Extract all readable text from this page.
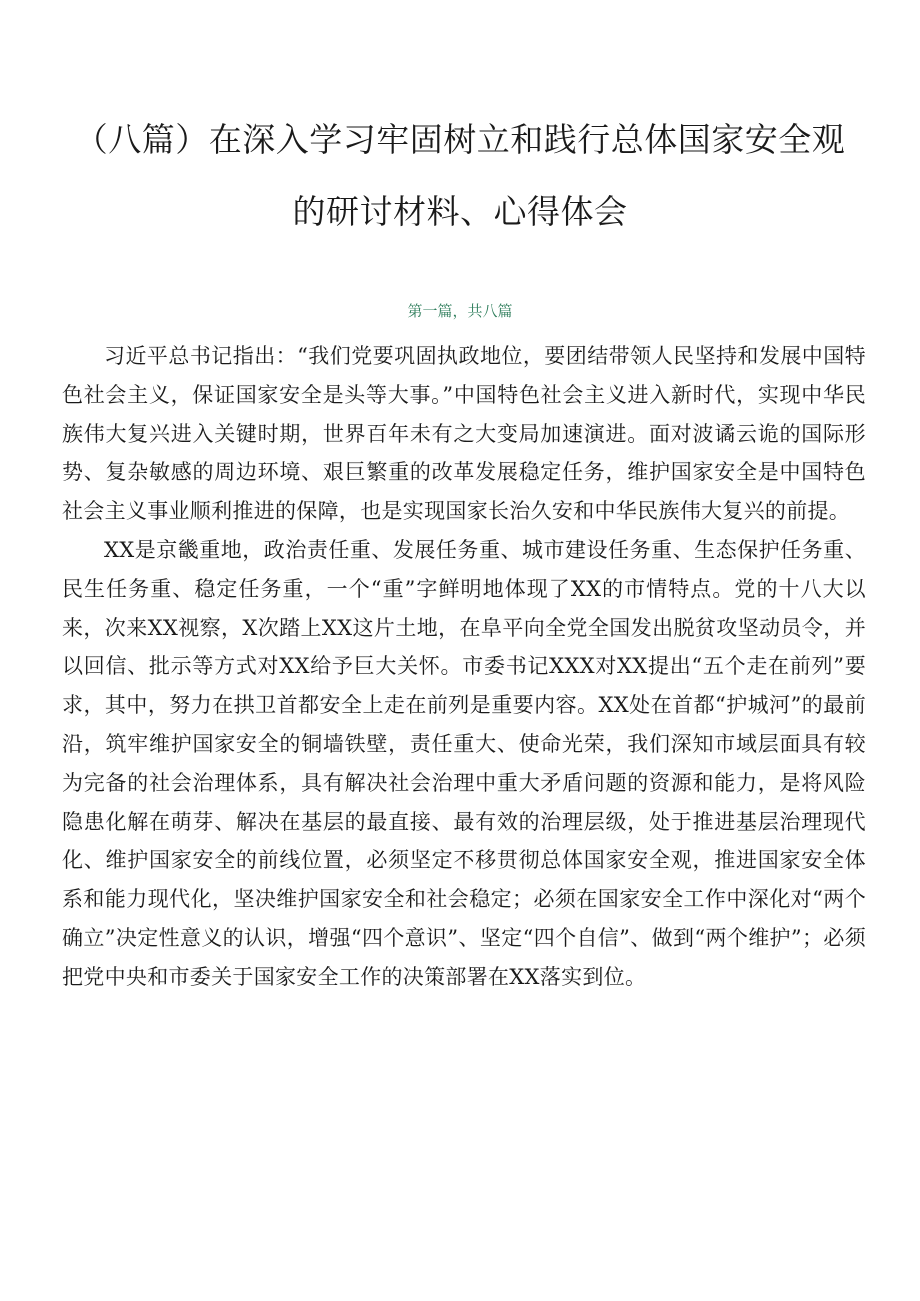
（八篇）在深入学习牢固树立和践行总体国家安全观的研讨材料、心得体会

第一篇，共八篇

习近平总书记指出：“我们党要巩固执政地位，要团结带领人民坚持和发展中国特色社会主义，保证国家安全是头等大事。”中国特色社会主义进入新时代，实现中华民族伟大复兴进入关键时期，世界百年未有之大变局加速演进。面对波谲云诡的国际形势、复杂敏感的周边环境、艰巨繁重的改革发展稳定任务，维护国家安全是中国特色社会主义事业顺利推进的保障，也是实现国家长治久安和中华民族伟大复兴的前提。

XX是京畿重地，政治责任重、发展任务重、城市建设任务重、生态保护任务重、民生任务重、稳定任务重，一个“重”字鲜明地体现了XX的市情特点。党的十八大以来，次来XX视察，X次踏上XX这片土地，在阜平向全党全国发出脱贫攻坚动员令，并以回信、批示等方式对XX给予巨大关怀。市委书记XXX对XX提出“五个走在前列”要求，其中，努力在拱卫首都安全上走在前列是重要内容。XX处在首都“护城河”的最前沿，筑牢维护国家安全的铜墙铁壁，责任重大、使命光荣，我们深知市域层面具有较为完备的社会治理体系，具有解决社会治理中重大矛盾问题的资源和能力，是将风险隐患化解在萌芽、解决在基层的最直接、最有效的治理层级，处于推进基层治理现代化、维护国家安全的前线位置，必须坚定不移贯彻总体国家安全观，推进国家安全体系和能力现代化，坚决维护国家安全和社会稳定；必须在国家安全工作中深化对“两个确立”决定性意义的认识，增强“四个意识”、坚定“四个自信”、做到“两个维护”；必须把党中央和市委关于国家安全工作的决策部署在XX落实到位。
